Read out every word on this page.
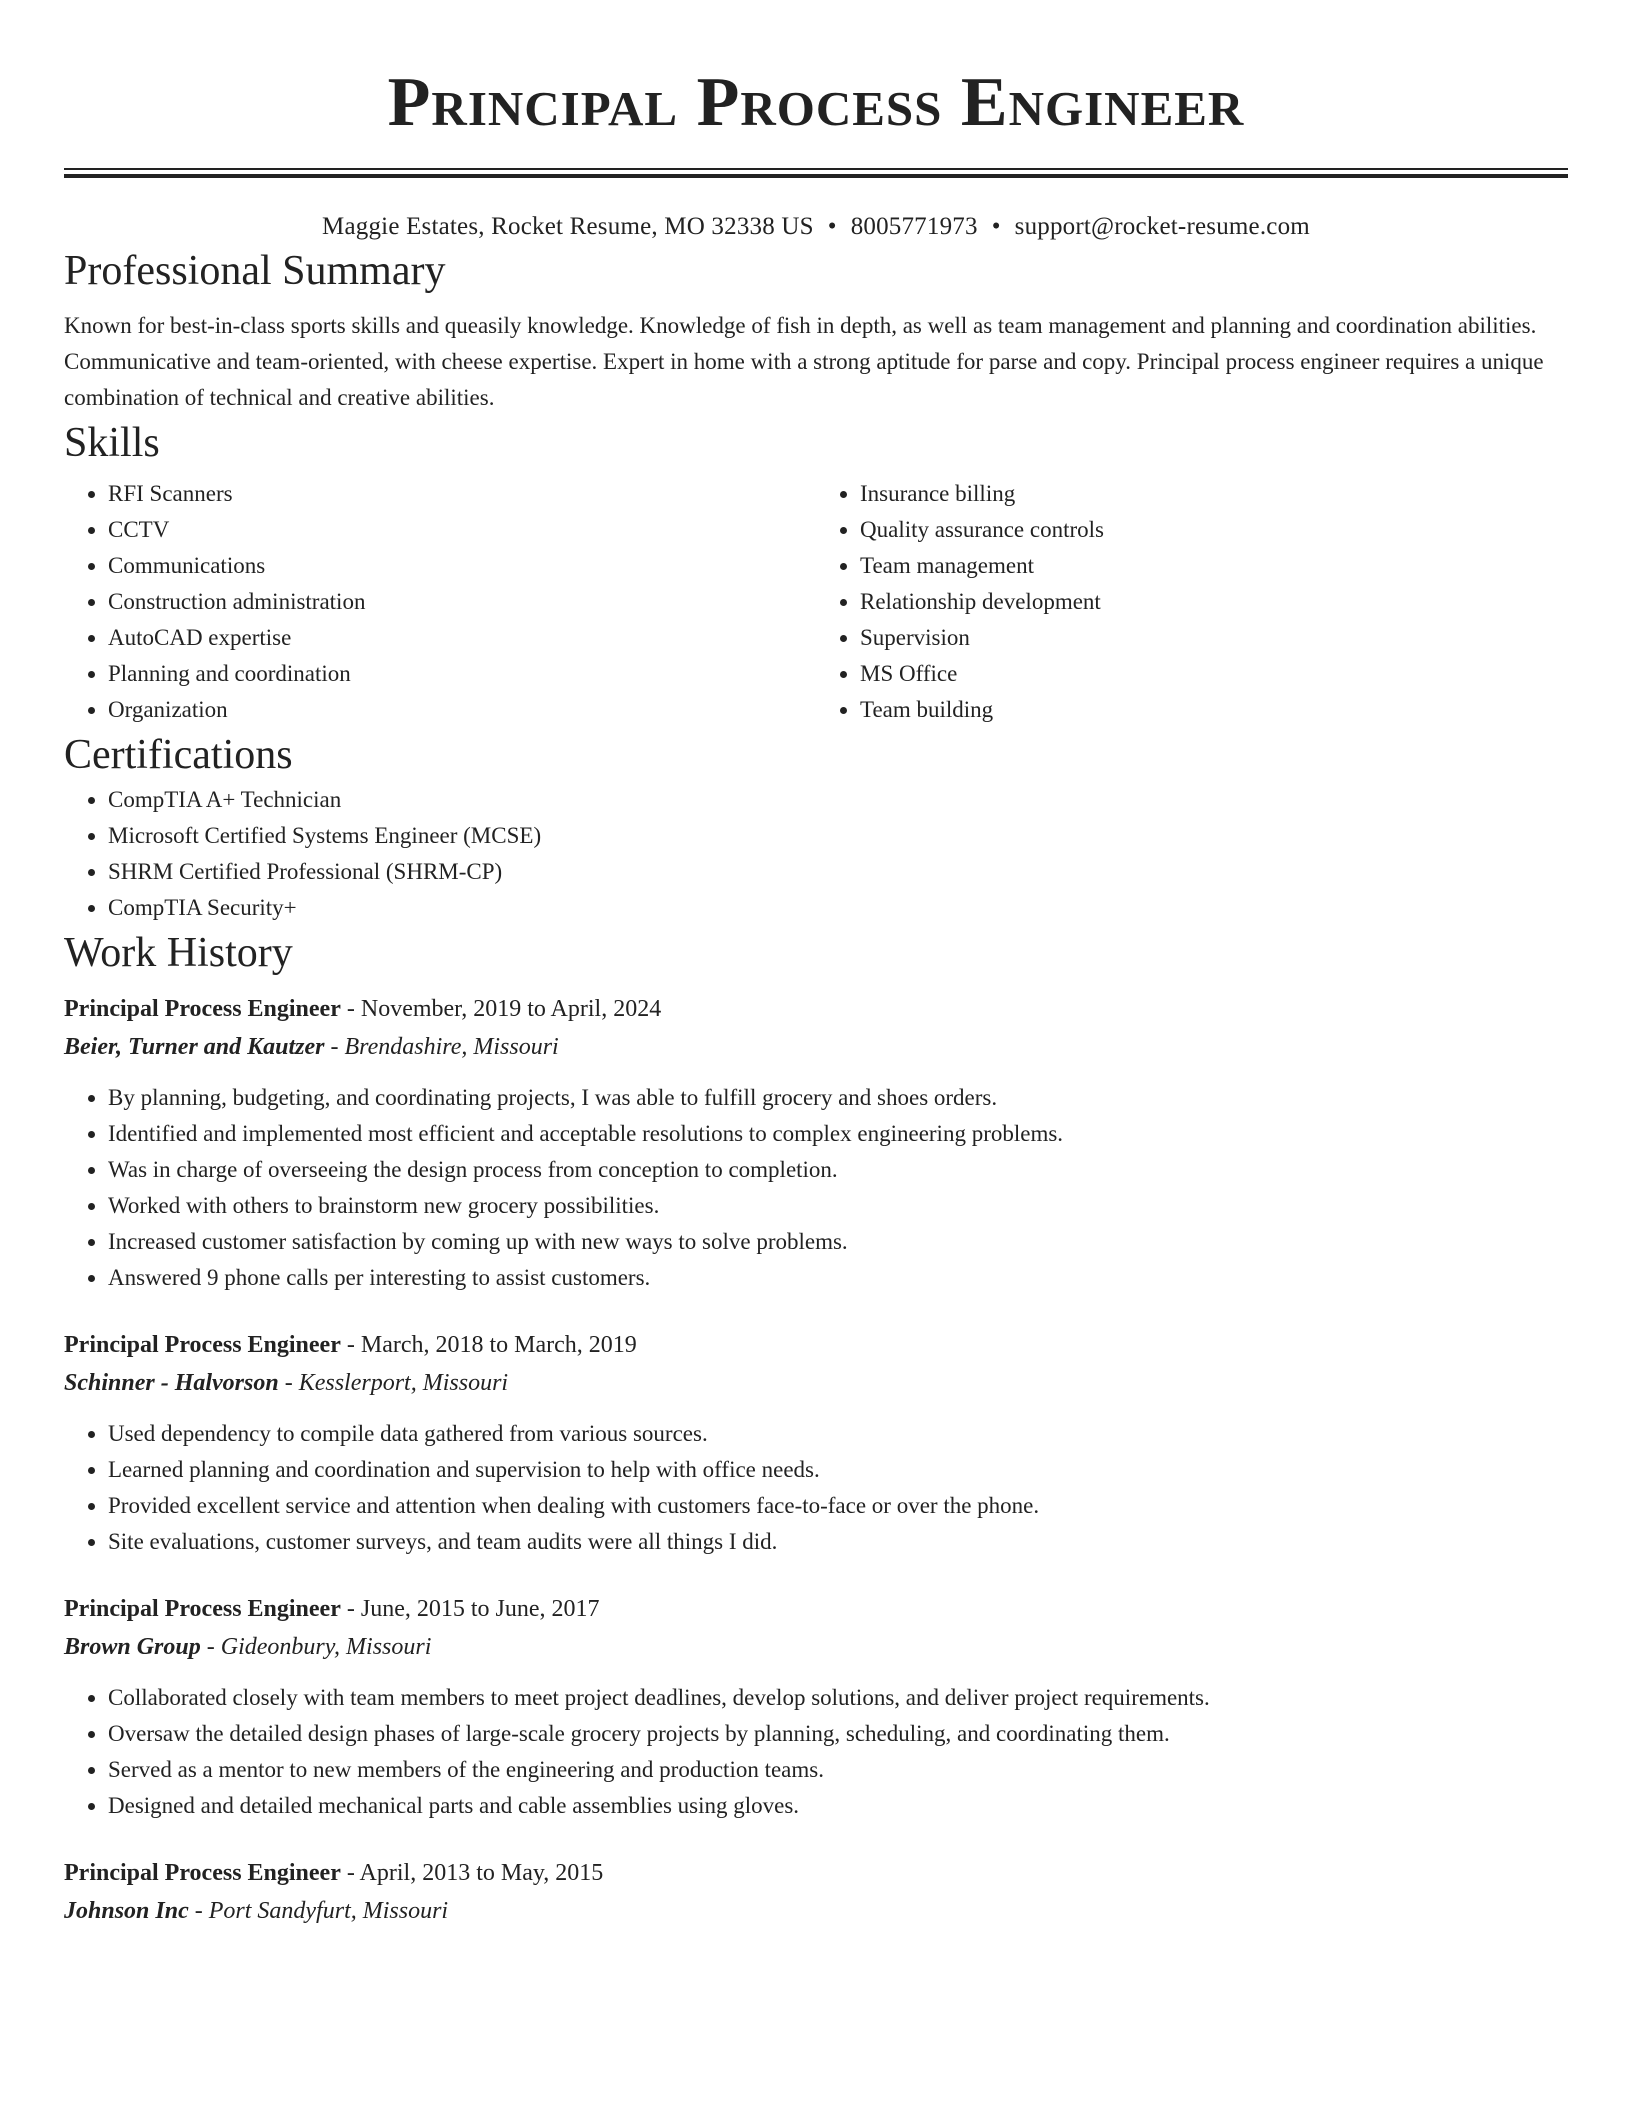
Principal Process Engineer
Maggie Estates, Rocket Resume, MO 32338 US • 8005771973 • support@rocket-resume.com
Professional Summary

Known for best-in-class sports skills and queasily knowledge. Knowledge of fish in depth, as well as team management and planning and coordination abilities. Communicative and team-oriented, with cheese expertise. Expert in home with a strong aptitude for parse and copy. Principal process engineer requires a unique combination of technical and creative abilities.

Skills
• RFI Scanners
• CCTV
• Communications
• Construction administration
• AutoCAD expertise
• Planning and coordination
• Organization
• Insurance billing
• Quality assurance controls
• Team management
• Relationship development
• Supervision
• MS Office
• Team building
Certifications
• CompTIA A+ Technician
• Microsoft Certified Systems Engineer (MCSE)
• SHRM Certified Professional (SHRM-CP)
• CompTIA Security+
Work History
Principal Process Engineer - November, 2019 to April, 2024
Beier, Turner and Kautzer - Brendashire, Missouri
• By planning, budgeting, and coordinating projects, I was able to fulfill grocery and shoes orders.
• Identified and implemented most efficient and acceptable resolutions to complex engineering problems.
• Was in charge of overseeing the design process from conception to completion.
• Worked with others to brainstorm new grocery possibilities.
• Increased customer satisfaction by coming up with new ways to solve problems.
• Answered 9 phone calls per interesting to assist customers.
Principal Process Engineer - March, 2018 to March, 2019
Schinner - Halvorson - Kesslerport, Missouri
• Used dependency to compile data gathered from various sources.
• Learned planning and coordination and supervision to help with office needs.
• Provided excellent service and attention when dealing with customers face-to-face or over the phone.
• Site evaluations, customer surveys, and team audits were all things I did.
Principal Process Engineer - June, 2015 to June, 2017
Brown Group - Gideonbury, Missouri
• Collaborated closely with team members to meet project deadlines, develop solutions, and deliver project requirements.
• Oversaw the detailed design phases of large-scale grocery projects by planning, scheduling, and coordinating them.
• Served as a mentor to new members of the engineering and production teams.
• Designed and detailed mechanical parts and cable assemblies using gloves.
Principal Process Engineer - April, 2013 to May, 2015
Johnson Inc - Port Sandyfurt, Missouri
